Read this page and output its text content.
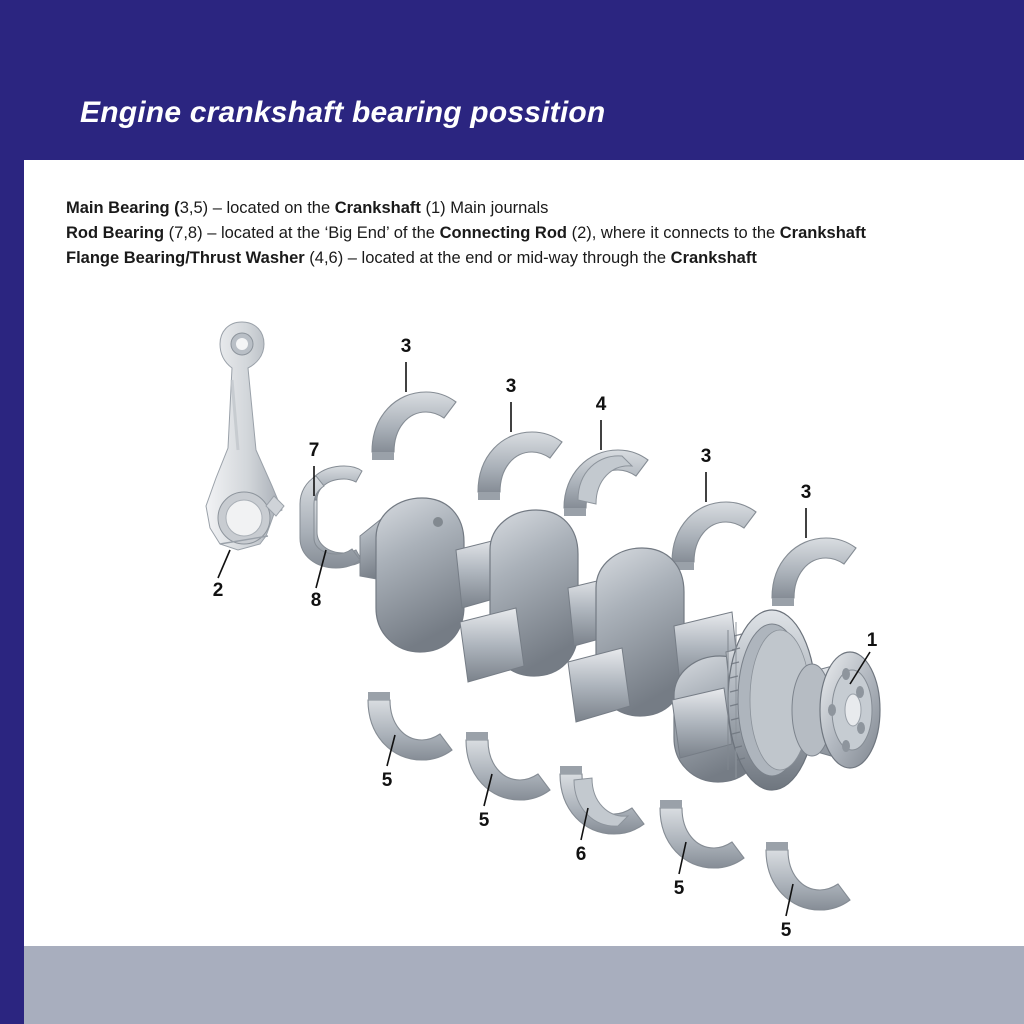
Engine crankshaft bearing possition
Main Bearing (3,5) – located on the Crankshaft (1) Main journals
Rod Bearing (7,8) – located at the ‘Big End’ of the Connecting Rod (2), where it connects to the Crankshaft
Flange Bearing/Thrust Washer (4,6) – located at the end or mid-way through the Crankshaft
3
3
4
3
3
7
2	8
1
5
5
6
5
5
